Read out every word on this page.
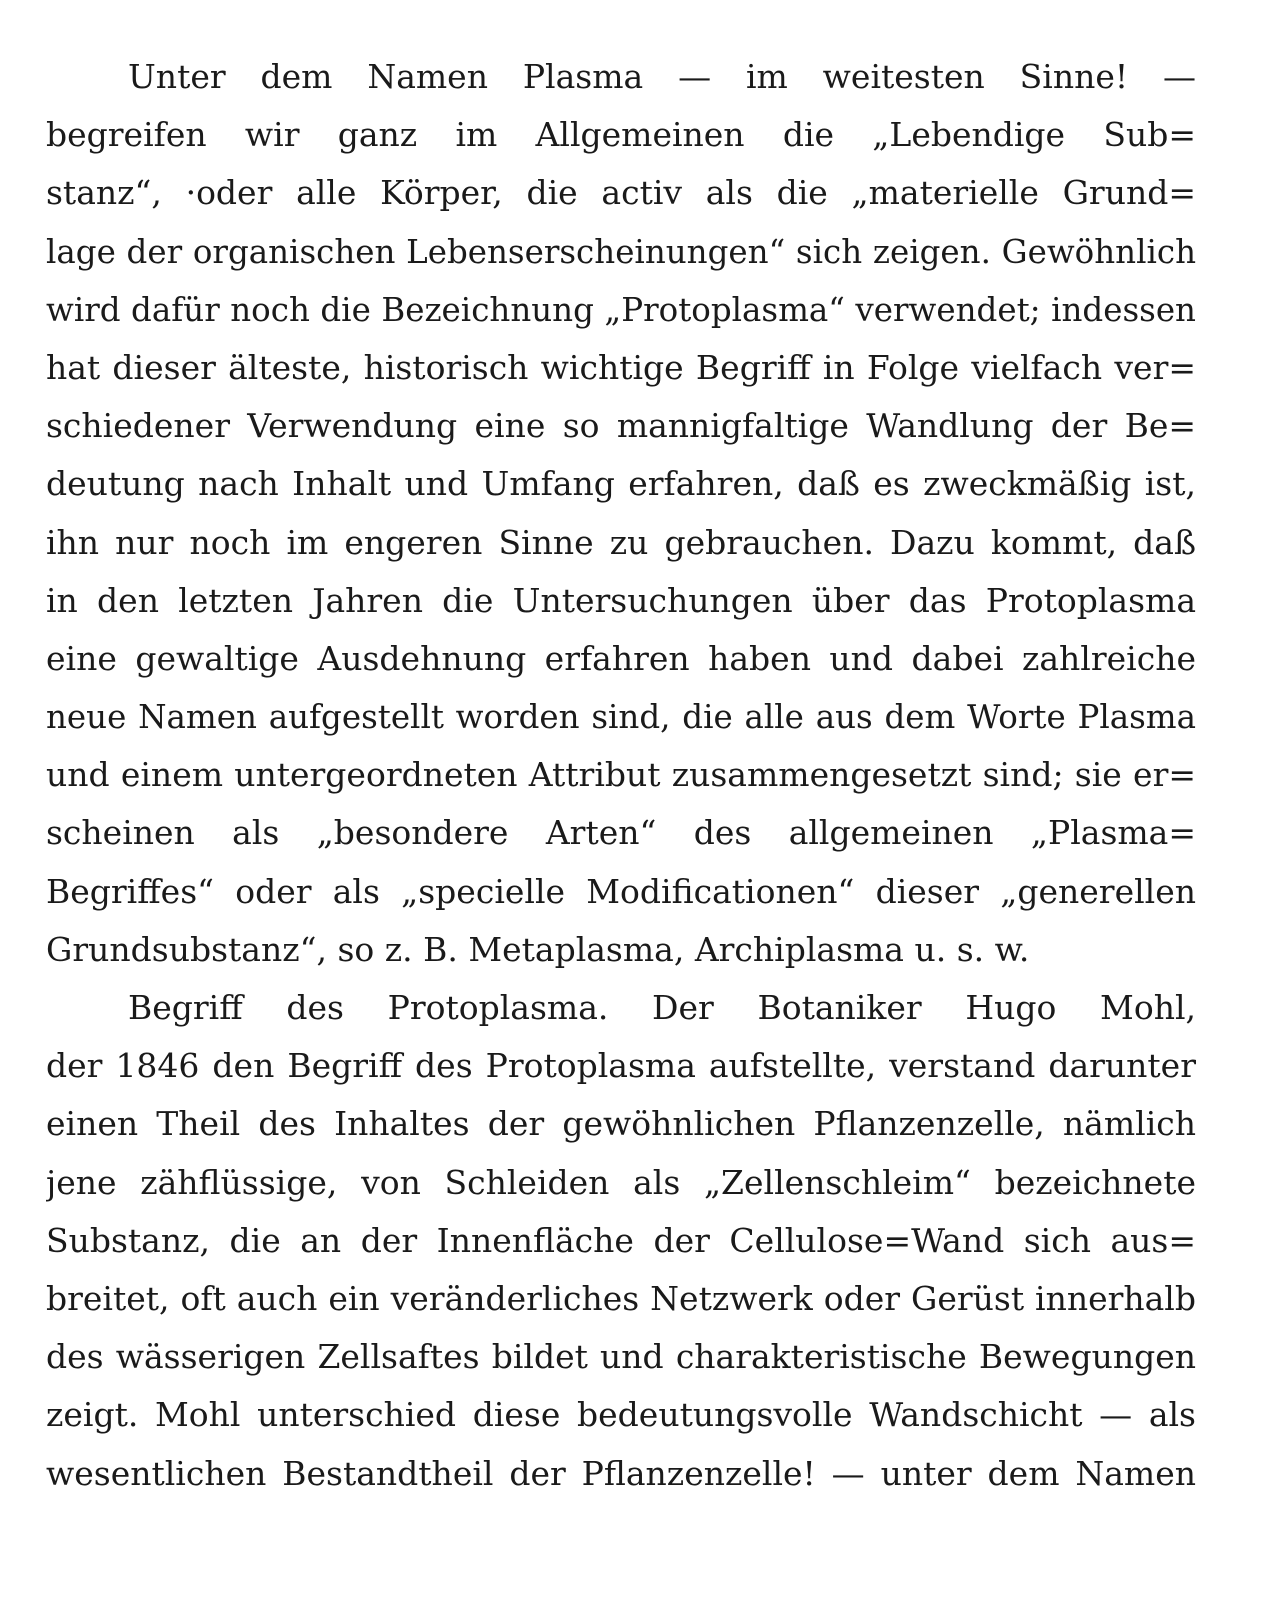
Unter dem Namen Plasma — im weitesten Sinne! —
begreifen wir ganz im Allgemeinen die „Lebendige Sub=
stanz“, ·oder alle Körper, die activ als die „materielle Grund=
lage der organischen Lebenserscheinungen“ sich zeigen. Gewöhnlich
wird dafür noch die Bezeichnung „Protoplasma“ verwendet; indessen
hat dieser älteste, historisch wichtige Begriff in Folge vielfach ver=
schiedener Verwendung eine so mannigfaltige Wandlung der Be=
deutung nach Inhalt und Umfang erfahren, daß es zweckmäßig ist,
ihn nur noch im engeren Sinne zu gebrauchen. Dazu kommt, daß
in den letzten Jahren die Untersuchungen über das Protoplasma
eine gewaltige Ausdehnung erfahren haben und dabei zahlreiche
neue Namen aufgestellt worden sind, die alle aus dem Worte Plasma
und einem untergeordneten Attribut zusammengesetzt sind; sie er=
scheinen als „besondere Arten“ des allgemeinen „Plasma=
Begriffes“ oder als „specielle Modificationen“ dieser „generellen
Grundsubstanz“, so z. B. Metaplasma, Archiplasma u. s. w.
Begriff des Protoplasma. Der Botaniker Hugo Mohl,
der 1846 den Begriff des Protoplasma aufstellte, verstand darunter
einen Theil des Inhaltes der gewöhnlichen Pflanzenzelle, nämlich
jene zähflüssige, von Schleiden als „Zellenschleim“ bezeichnete
Substanz, die an der Innenfläche der Cellulose=Wand sich aus=
breitet, oft auch ein veränderliches Netzwerk oder Gerüst innerhalb
des wässerigen Zellsaftes bildet und charakteristische Bewegungen
zeigt. Mohl unterschied diese bedeutungsvolle Wandschicht — als
wesentlichen Bestandtheil der Pflanzenzelle! — unter dem Namen
